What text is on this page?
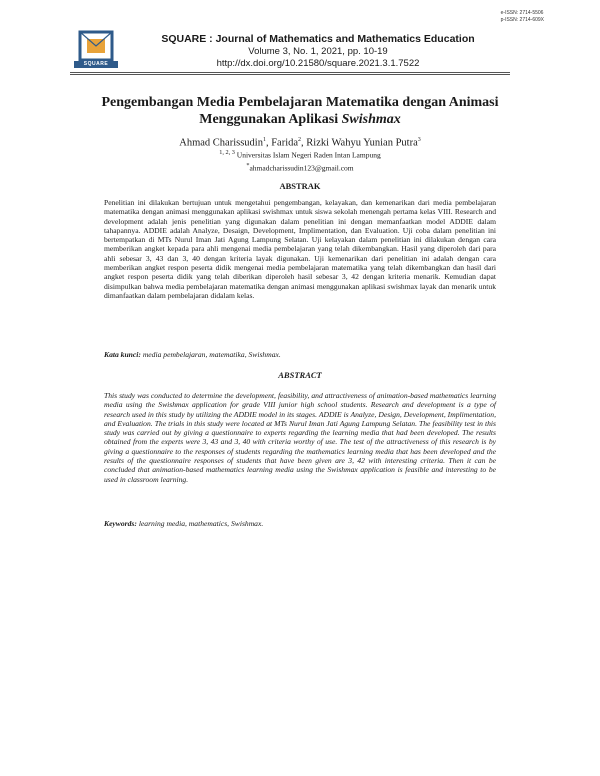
e-ISSN: 2714-5506
p-ISSN: 2714-609X
SQUARE
SQUARE : Journal of Mathematics and Mathematics Education
Volume 3, No. 1, 2021, pp. 10-19
http://dx.doi.org/10.21580/square.2021.3.1.7522
Pengembangan Media Pembelajaran Matematika dengan Animasi
Menggunakan Aplikasi Swishmax
Ahmad Charissudin$^1$, Farida$^2$, Rizki Wahyu Yunian Putra$^3$
$^{1, 2, 3}$ Universitas Islam Negeri Raden Intan Lampung
*ahmadcharissudin123@gmail.com
ABSTRAK
Penelitian ini dilakukan bertujuan untuk mengetahui pengembangan, kelayakan, dan kemenarikan dari media pembelajaran matematika dengan animasi menggunakan aplikasi swishmax untuk siswa sekolah menengah pertama kelas VIII. Research and development adalah jenis penelitian yang digunakan dalam penelitian ini dengan memanfaatkan model ADDIE dalam tahapannya. ADDIE adalah Analyze, Desaign, Development, Implimentation, dan Evaluation. Uji coba dalam penelitian ini bertempatkan di MTs Nurul Iman Jati Agung Lampung Selatan. Uji kelayakan dalam penelitian ini dilakukan dengan cara memberikan angket kepada para ahli mengenai media pembelajaran yang telah dikembangkan. Hasil yang diperoleh dari para ahli sebesar 3, 43 dan 3, 40 dengan kriteria layak digunakan. Uji kemenarikan dari penelitian ini adalah dengan cara memberikan angket respon peserta didik mengenai media pembelajaran matematika yang telah dikembangkan dan hasil dari angket respon peserta didik yang telah diberikan diperoleh hasil sebesar 3, 42 dengan kriteria menarik. Kemudian dapat disimpulkan bahwa media pembelajaran matematika dengan animasi menggunakan aplikasi swishmax layak dan menarik untuk dimanfaatkan dalam pembelajaran didalam kelas.
Kata kunci: media pembelajaran, matematika, Swishmax.
ABSTRACT
This study was conducted to determine the development, feasibility, and attractiveness of animation-based mathematics learning media using the Swishmax application for grade VIII junior high school students. Research and development is a type of research used in this study by utilizing the ADDIE model in its stages. ADDIE is Analyze, Design, Development, Implimentation, and Evaluation. The trials in this study were located at MTs Nurul Iman Jati Agung Lampung Selatan. The feasibility test in this study was carried out by giving a questionnaire to experts regarding the learning media that had been developed. The results obtained from the experts were 3, 43 and 3, 40 with criteria worthy of use. The test of the attractiveness of this research is by giving a questionnaire to the responses of students regarding the mathematics learning media that has been developed and the results of the questionnaire responses of students that have been given are 3, 42 with interesting criteria. Then it can be concluded that animation-based mathematics learning media using the Swishmax application is feasible and interesting to be used in classroom learning.
Keywords: learning media, mathematics, Swishmax.
